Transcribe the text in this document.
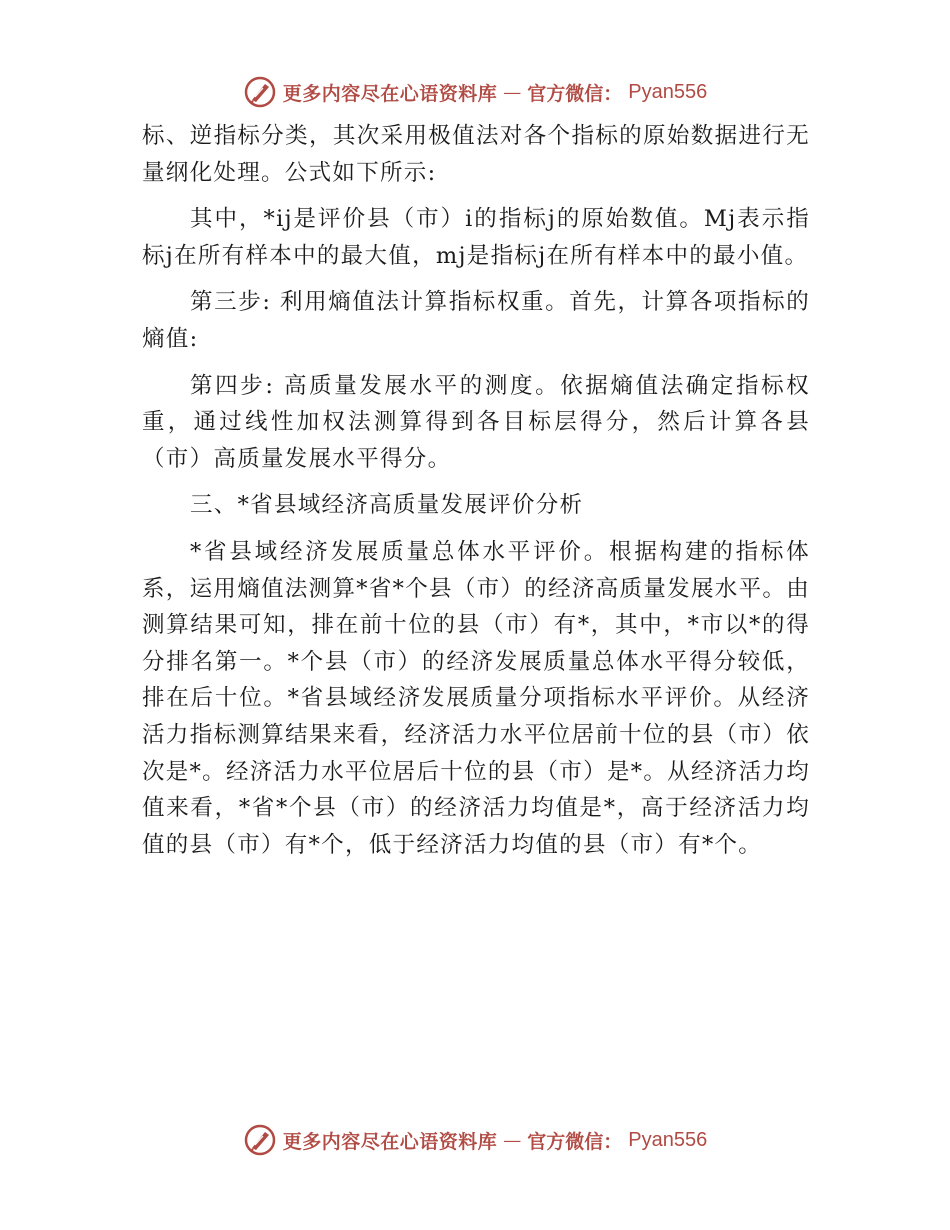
更多内容尽在心语资料库 — 官方微信： Pyan556

标、逆指标分类，其次采用极值法对各个指标的原始数据进行无量纲化处理。公式如下所示:

其中，*ij是评价县（市）i的指标j的原始数值。Mj表示指标j在所有样本中的最大值，mj是指标j在所有样本中的最小值。

第三步: 利用熵值法计算指标权重。首先，计算各项指标的熵值:

第四步: 高质量发展水平的测度。依据熵值法确定指标权重，通过线性加权法测算得到各目标层得分，然后计算各县（市）高质量发展水平得分。

三、*省县域经济高质量发展评价分析

*省县域经济发展质量总体水平评价。根据构建的指标体系，运用熵值法测算*省*个县（市）的经济高质量发展水平。由测算结果可知，排在前十位的县（市）有*，其中，*市以*的得分排名第一。*个县（市）的经济发展质量总体水平得分较低，排在后十位。*省县域经济发展质量分项指标水平评价。从经济活力指标测算结果来看，经济活力水平位居前十位的县（市）依次是*。经济活力水平位居后十位的县（市）是*。从经济活力均值来看，*省*个县（市）的经济活力均值是*，高于经济活力均值的县（市）有*个，低于经济活力均值的县（市）有*个。

更多内容尽在心语资料库 — 官方微信： Pyan556
